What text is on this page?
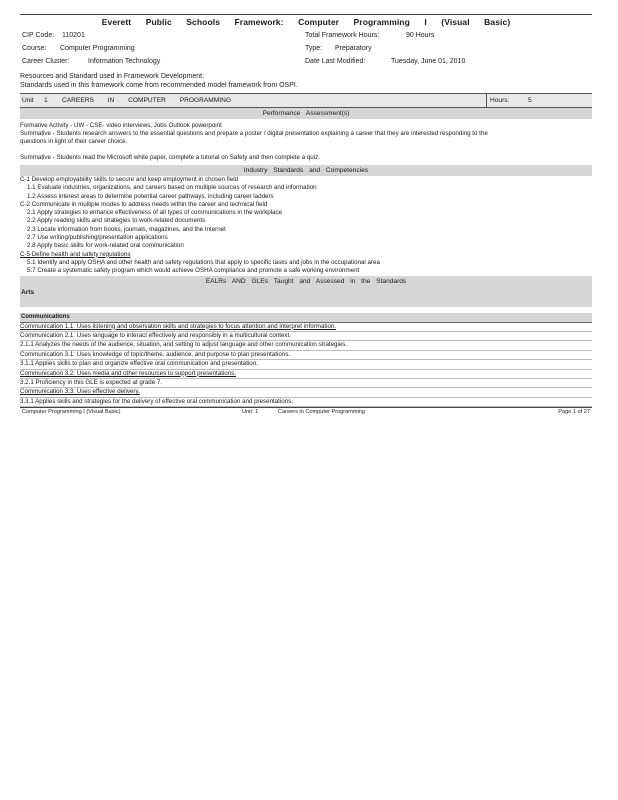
Everett Public Schools Framework: Computer Programming I (Visual Basic)
CIP Code: 110201	Total Framework Hours:	90 Hours
Course: Computer Programming	Type: Preparatory
Career Cluster:	Information Technology	Date Last Modified:	Tuesday, June 01, 2010
Resources and Standard used in Framework Development:
Standards used in this framework come from recommended model framework from OSPI.
Unit 1 CAREERS IN COMPUTER PROGRAMMING	Hours:	5
Performance Assessment(s)
Formative Activity - UW - CSE- video interviews, Jobs Outlook powerpoint
Summative - Students research answers to the essential questions and prepare a poster / digital presentation explaining a career that they are interested responding to the
questions in light of their career choice.
Summative - Students read the Microsoft white paper, complete a tutorial on Safety and then complete a quiz.
Industry Standards and Competencies
C-1 Develop employability skills to secure and keep employment in chosen field
1.1 Evaluate industries, organizations, and careers based on multiple sources of research and information
1.2 Assess interest areas to determine potential career pathways, including career ladders
C-2 Communicate in multiple modes to address needs within the career and technical field
2.1 Apply strategies to enhance effectiveness of all types of communications in the workplace
2.2 Apply reading skills and strategies to work-related documents
2.3 Locate information from books, journals, magazines, and the Internet
2.7 Use writing/publishing/presentation applications
2.8 Apply basic skills for work-related oral communication
C-5 Define health and safety regulations
5.1 Identify and apply OSHA and other health and safety regulations that apply to specific tasks and jobs in the occupational area
5.7 Create a systematic safety program which would achieve OSHA compliance and promote a safe working environment
EALRs AND GLEs Taught and Assessed in the Standards
Arts
Communications
Communication 1.1: Uses listening and observation skills and strategies to focus attention and interpret information.
Communication 2.1: Uses language to interact effectively and responsibly in a multicultural context.
2.1.1 Analyzes the needs of the audience, situation, and setting to adjust language and other communication strategies.
Communication 3.1: Uses knowledge of topic/theme, audience, and purpose to plan presentations.
3.1.1 Applies skills to plan and organize effective oral communication and presentation.
Communication 3.2: Uses media and other resources to support presentations.
3.2.1 Proficiency in this GLE is expected at grade 7.
Communication 3.3: Uses effective delivery.
3.3.1 Applies skills and strategies for the delivery of effective oral communication and presentations.
Computer Programming I (Visual Basic)	Unit: 1	Careers in Computer Programming	Page 1 of 27
